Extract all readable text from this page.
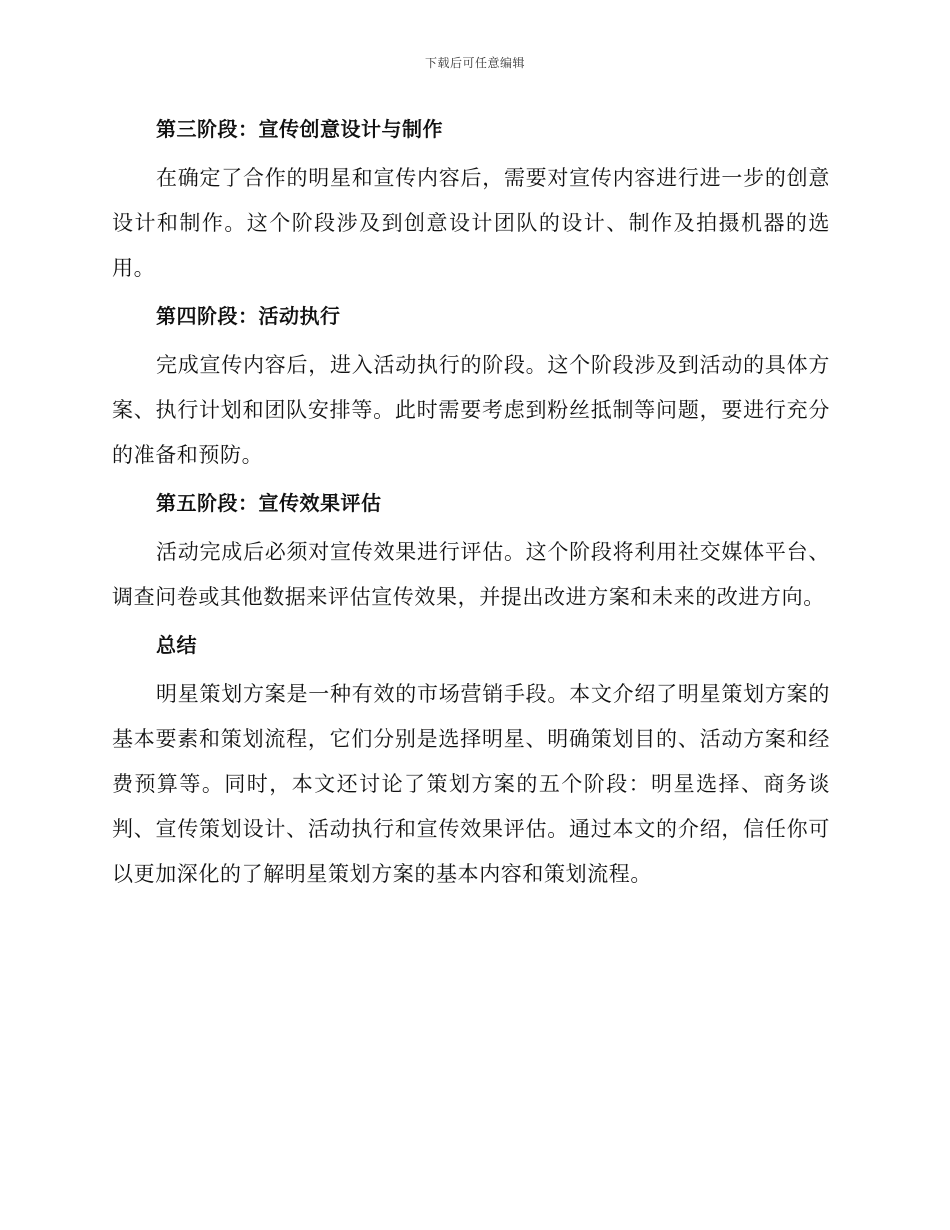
下载后可任意编辑
第三阶段：宣传创意设计与制作

在确定了合作的明星和宣传内容后，需要对宣传内容进行进一步的创意设计和制作。这个阶段涉及到创意设计团队的设计、制作及拍摄机器的选用。

第四阶段：活动执行

完成宣传内容后，进入活动执行的阶段。这个阶段涉及到活动的具体方案、执行计划和团队安排等。此时需要考虑到粉丝抵制等问题，要进行充分的准备和预防。

第五阶段：宣传效果评估

活动完成后必须对宣传效果进行评估。这个阶段将利用社交媒体平台、调查问卷或其他数据来评估宣传效果，并提出改进方案和未来的改进方向。

总结

明星策划方案是一种有效的市场营销手段。本文介绍了明星策划方案的基本要素和策划流程，它们分别是选择明星、明确策划目的、活动方案和经费预算等。同时，本文还讨论了策划方案的五个阶段：明星选择、商务谈判、宣传策划设计、活动执行和宣传效果评估。通过本文的介绍，信任你可以更加深化的了解明星策划方案的基本内容和策划流程。
